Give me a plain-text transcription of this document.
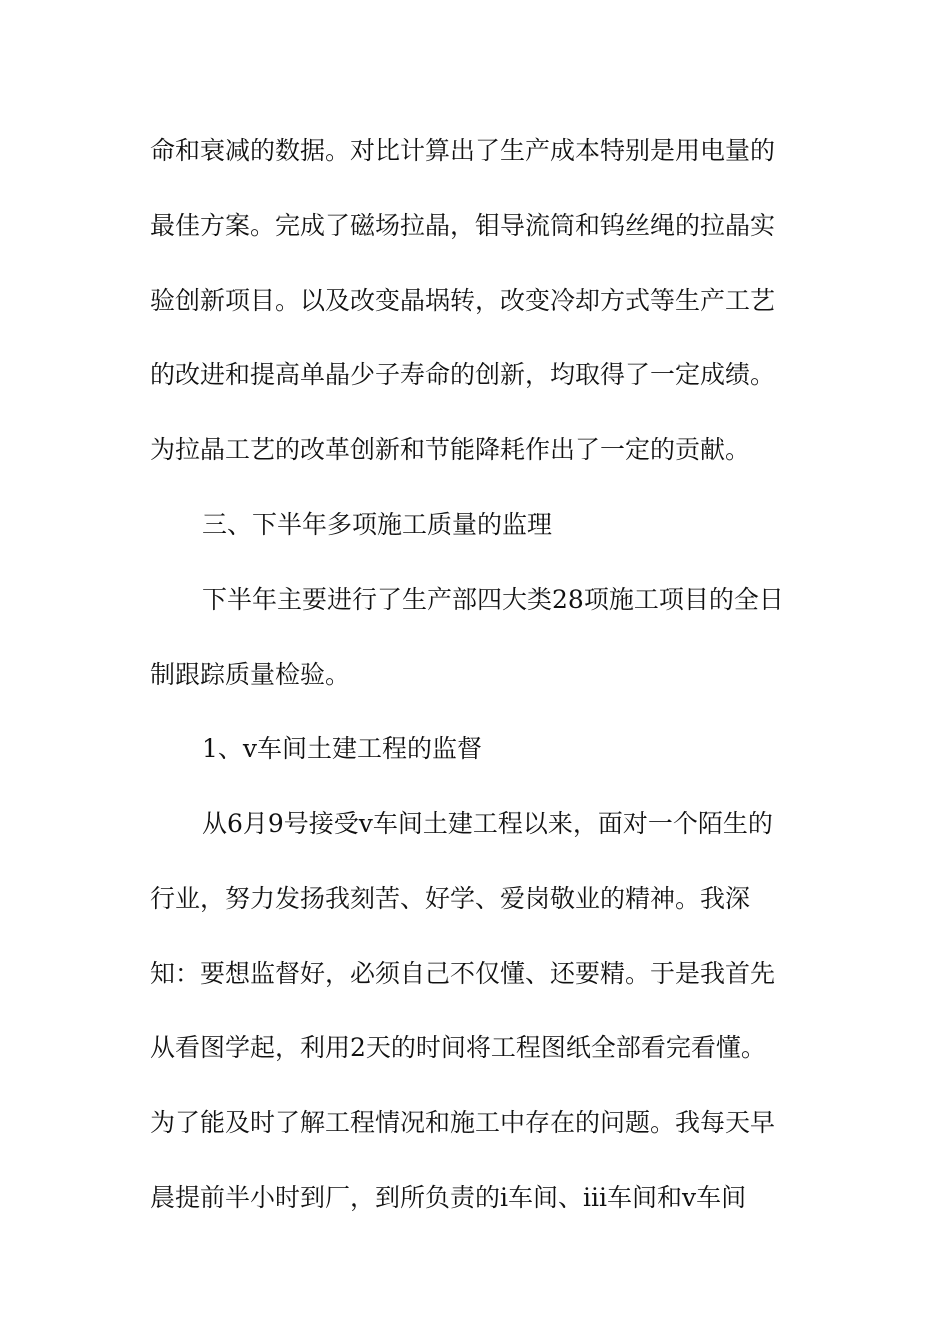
命和衰减的数据。对比计算出了生产成本特别是用电量的
最佳方案。完成了磁场拉晶，钼导流筒和钨丝绳的拉晶实
验创新项目。以及改变晶埚转，改变冷却方式等生产工艺
的改进和提高单晶少子寿命的创新，均取得了一定成绩。
为拉晶工艺的改革创新和节能降耗作出了一定的贡献。
三、下半年多项施工质量的监理
下半年主要进行了生产部四大类28项施工项目的全日
制跟踪质量检验。
1、v车间土建工程的监督
从6月9号接受v车间土建工程以来，面对一个陌生的
行业，努力发扬我刻苦、好学、爱岗敬业的精神。我深
知：要想监督好，必须自己不仅懂、还要精。于是我首先
从看图学起，利用2天的时间将工程图纸全部看完看懂。
为了能及时了解工程情况和施工中存在的问题。我每天早
晨提前半小时到厂，到所负责的i车间、iii车间和v车间
